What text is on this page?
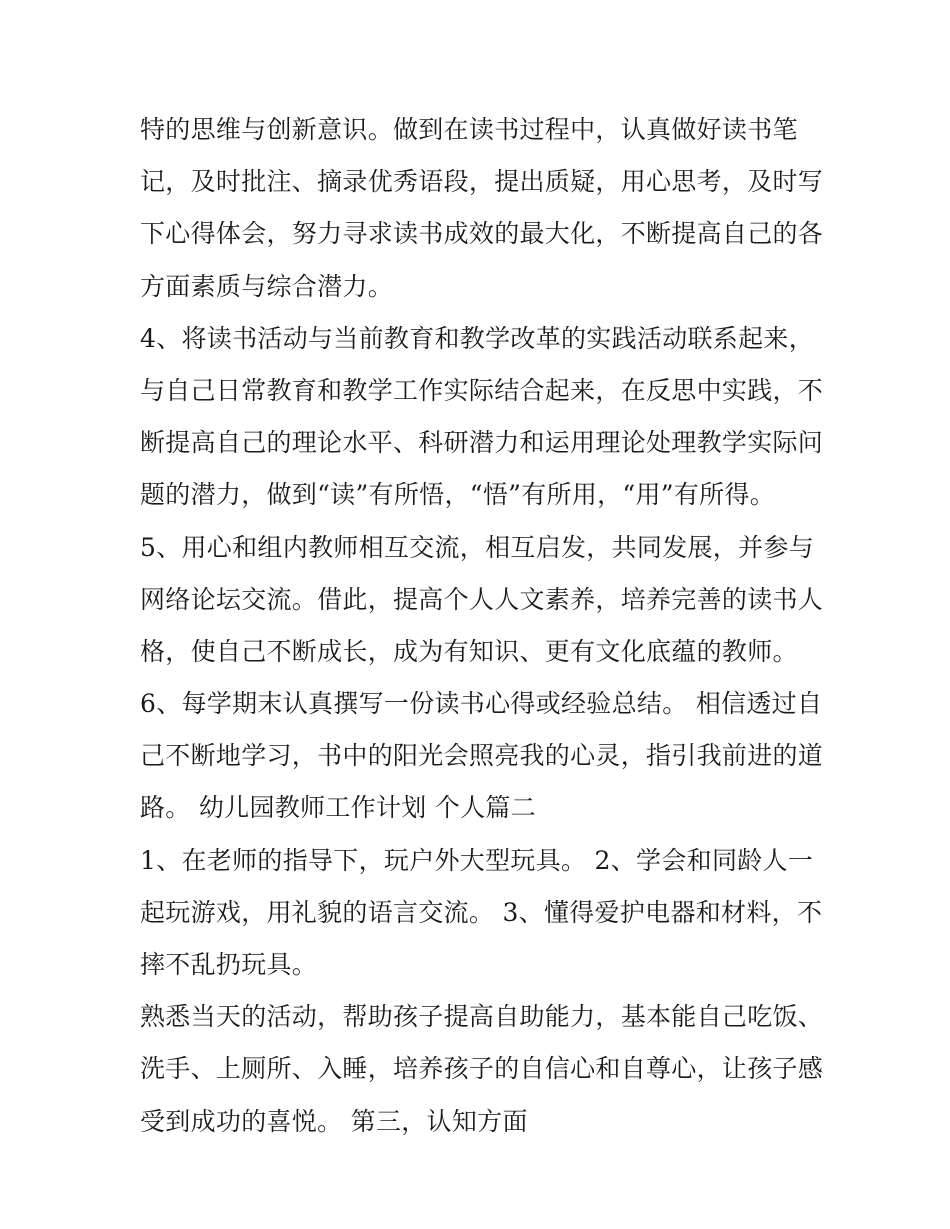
特的思维与创新意识。做到在读书过程中，认真做好读书笔
记，及时批注、摘录优秀语段，提出质疑，用心思考，及时写
下心得体会，努力寻求读书成效的最大化，不断提高自己的各
方面素质与综合潜力。
4、将读书活动与当前教育和教学改革的实践活动联系起来，
与自己日常教育和教学工作实际结合起来，在反思中实践，不
断提高自己的理论水平、科研潜力和运用理论处理教学实际问
题的潜力，做到“读”有所悟，“悟”有所用，“用”有所得。
5、用心和组内教师相互交流，相互启发，共同发展，并参与
网络论坛交流。借此，提高个人人文素养，培养完善的读书人
格，使自己不断成长，成为有知识、更有文化底蕴的教师。
6、每学期末认真撰写一份读书心得或经验总结。 相信透过自
己不断地学习，书中的阳光会照亮我的心灵，指引我前进的道
路。 幼儿园教师工作计划 个人篇二
1、在老师的指导下，玩户外大型玩具。 2、学会和同龄人一
起玩游戏，用礼貌的语言交流。 3、懂得爱护电器和材料，不
摔不乱扔玩具。
熟悉当天的活动，帮助孩子提高自助能力，基本能自己吃饭、
洗手、上厕所、入睡，培养孩子的自信心和自尊心，让孩子感
受到成功的喜悦。 第三，认知方面
